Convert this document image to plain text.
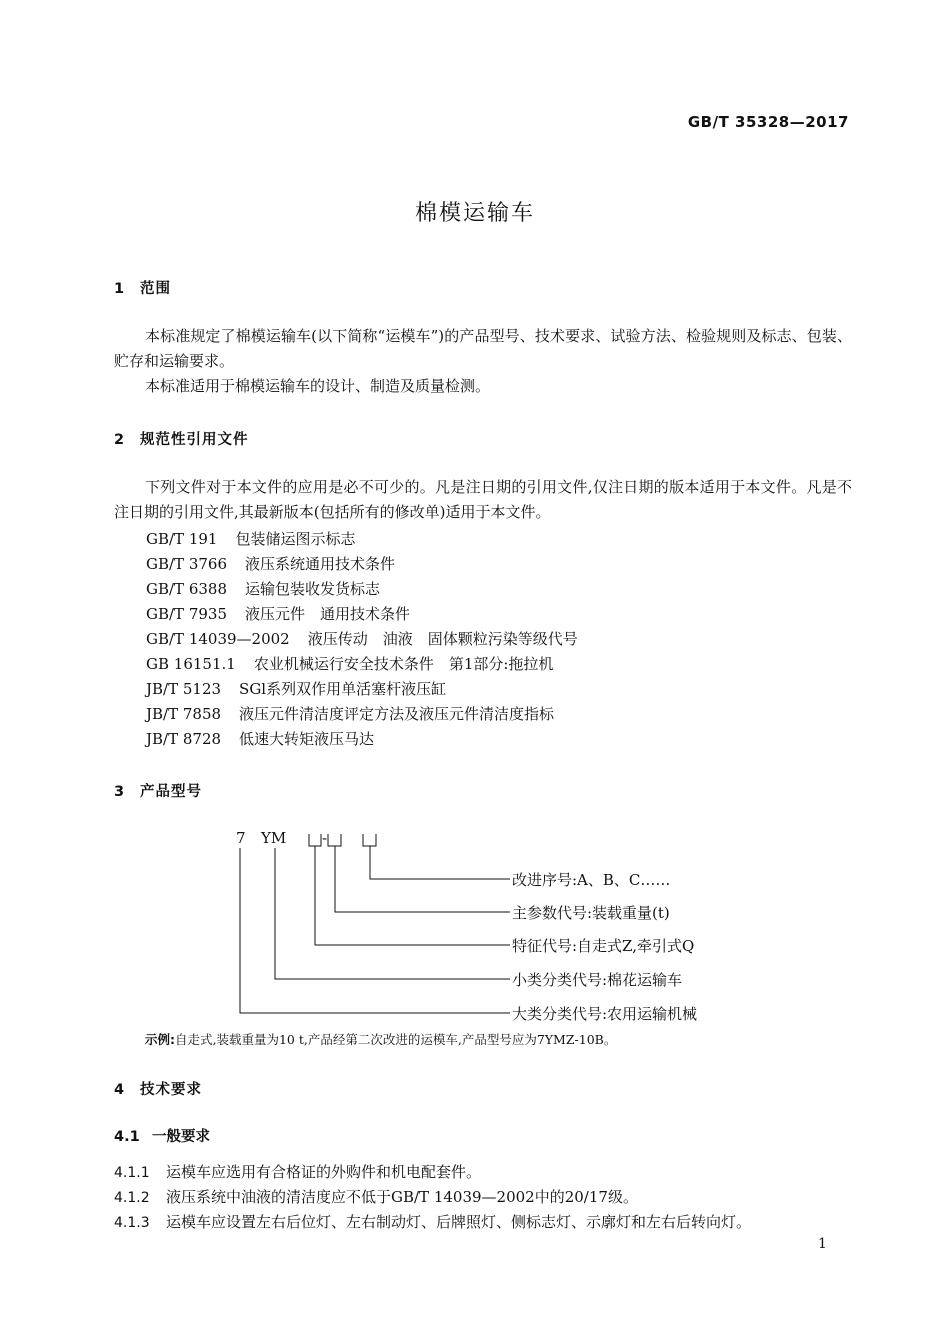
GB/T 35328—2017
棉模运输车
1 范围
本标准规定了棉模运输车(以下简称“运模车”)的产品型号、技术要求、试验方法、检验规则及标志、包装、贮存和运输要求。
本标准适用于棉模运输车的设计、制造及质量检测。
2 规范性引用文件
下列文件对于本文件的应用是必不可少的。凡是注日期的引用文件,仅注日期的版本适用于本文件。凡是不注日期的引用文件,其最新版本(包括所有的修改单)适用于本文件。
GB/T 191 包装储运图示标志
GB/T 3766 液压系统通用技术条件
GB/T 6388 运输包装收发货标志
GB/T 7935 液压元件　通用技术条件
GB/T 14039—2002 液压传动　油液　固体颗粒污染等级代号
GB 16151.1 农业机械运行安全技术条件　第1部分:拖拉机
JB/T 5123 SGl系列双作用单活塞杆液压缸
JB/T 7858 液压元件清洁度评定方法及液压元件清洁度指标
JB/T 8728 低速大转矩液压马达
3 产品型号
7 YM -
改进序号:A、B、C……
主参数代号:装载重量(t)
特征代号:自走式Z,牵引式Q
小类分类代号:棉花运输车
大类分类代号:农用运输机械
示例:自走式,装载重量为10 t,产品经第二次改进的运模车,产品型号应为7YMZ-10B。
4 技术要求
4.1 一般要求
4.1.1 运模车应选用有合格证的外购件和机电配套件。
4.1.2 液压系统中油液的清洁度应不低于GB/T 14039—2002中的20/17级。
4.1.3 运模车应设置左右后位灯、左右制动灯、后牌照灯、侧标志灯、示廓灯和左右后转向灯。
1
